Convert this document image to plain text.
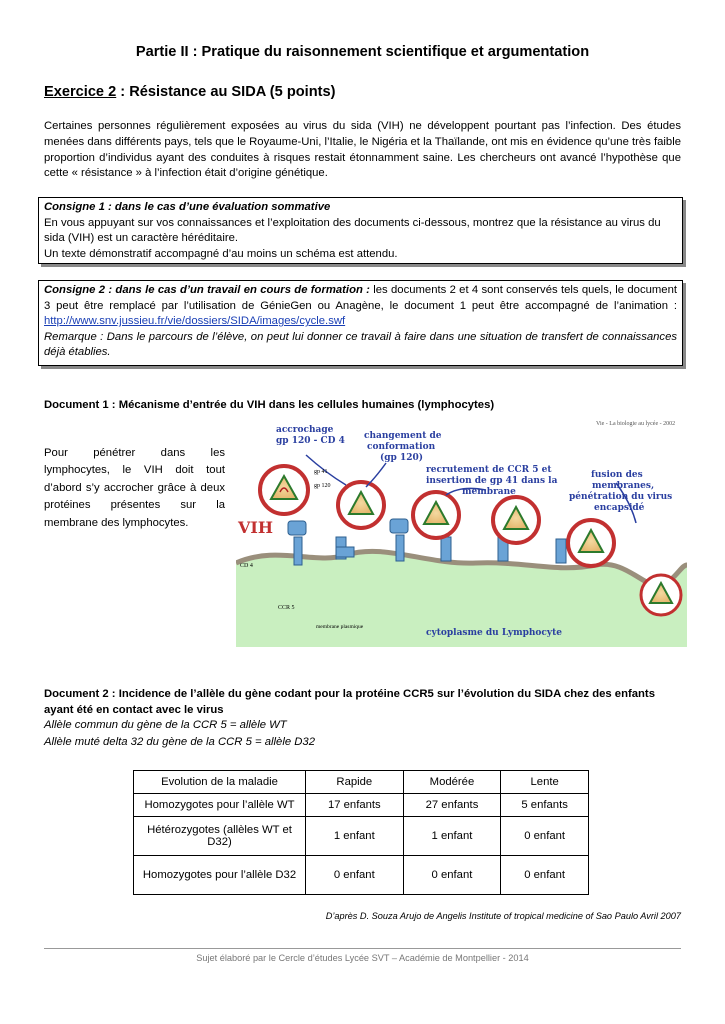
Partie II : Pratique du raisonnement scientifique et argumentation
Exercice 2 : Résistance au SIDA (5 points)
Certaines personnes régulièrement exposées au virus du sida (VIH) ne développent pourtant pas l’infection. Des études menées dans différents pays, tels que le Royaume-Uni, l’Italie, le Nigéria et la Thaïlande, ont mis en évidence qu’une très faible proportion d’individus ayant des conduites à risques restait étonnamment saine. Les chercheurs ont avancé l’hypothèse que cette « résistance » à l’infection était d’origine génétique.
Consigne 1 : dans le cas d’une évaluation sommative
En vous appuyant sur vos connaissances et l’exploitation des documents ci-dessous, montrez que la résistance au virus du sida (VIH) est un caractère héréditaire.
Un texte démonstratif accompagné d’au moins un schéma est attendu.
Consigne 2 : dans le cas d’un travail en cours de formation : les documents 2 et 4 sont conservés tels quels, le document 3 peut être remplacé par l’utilisation de GénieGen ou Anagène, le document 1 peut être accompagné de l’animation : http://www.snv.jussieu.fr/vie/dossiers/SIDA/images/cycle.swf
Remarque : Dans le parcours de l’élève, on peut lui donner ce travail à faire dans une situation de transfert de connaissances déjà établies.
Document 1 : Mécanisme d’entrée du VIH dans les cellules humaines (lymphocytes)
Pour pénétrer dans les lymphocytes, le VIH doit tout d’abord s’y accrocher grâce à deux protéines présentes sur la membrane des lymphocytes.
Vie - La biologie au lycée - 2002
accrochage gp 120 - CD 4 changement de conformation (gp 120)
recrutement de CCR 5 et insertion de gp 41 dans la membrane
fusion des membranes, pénétration du virus encapsidé
VIH
gp 41
gp 120
CD 4
CCR 5
membrane plasmique
cytoplasme du Lymphocyte
Document 2 : Incidence de l’allèle du gène codant pour la protéine CCR5 sur l’évolution du SIDA chez des enfants ayant été en contact avec le virus
Allèle commun du gène de la CCR 5 = allèle WT
Allèle muté delta 32 du gène de la CCR 5 = allèle D32
Evolution de la maladie	Rapide	Modérée	Lente
Homozygotes pour l’allèle WT	17 enfants	27 enfants	5 enfants
Hétérozygotes (allèles WT et D32)	1 enfant	1 enfant	0 enfant
Homozygotes pour l’allèle D32	0 enfant	0 enfant	0 enfant
D’après D. Souza Arujo de Angelis Institute of tropical medicine of Sao Paulo Avril 2007
Sujet élaboré par le Cercle d’études Lycée SVT – Académie de Montpellier - 2014
